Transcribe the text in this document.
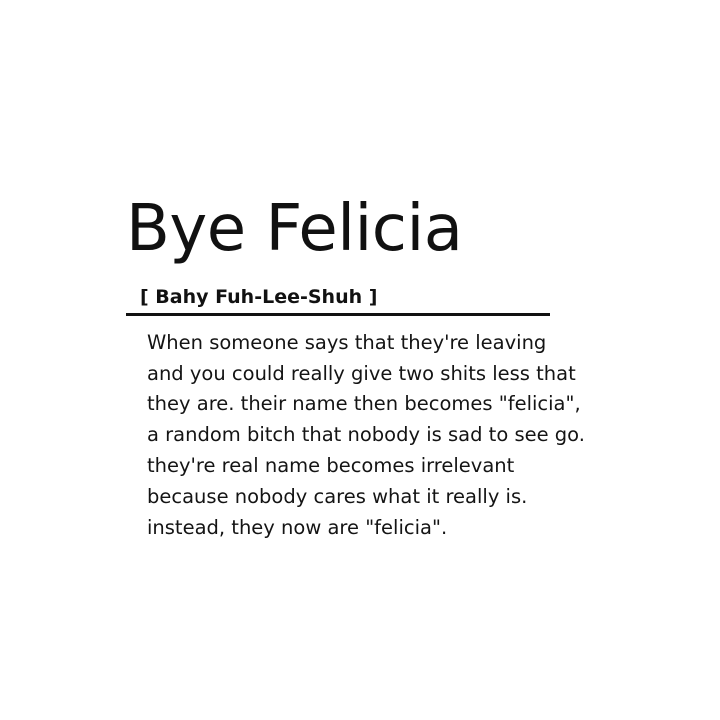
Bye Felicia

[ Bahy Fuh-Lee-Shuh ]

When someone says that they're leaving and you could really give two shits less that they are. their name then becomes "felicia", a random bitch that nobody is sad to see go. they're real name becomes irrelevant because nobody cares what it really is. instead, they now are "felicia".
